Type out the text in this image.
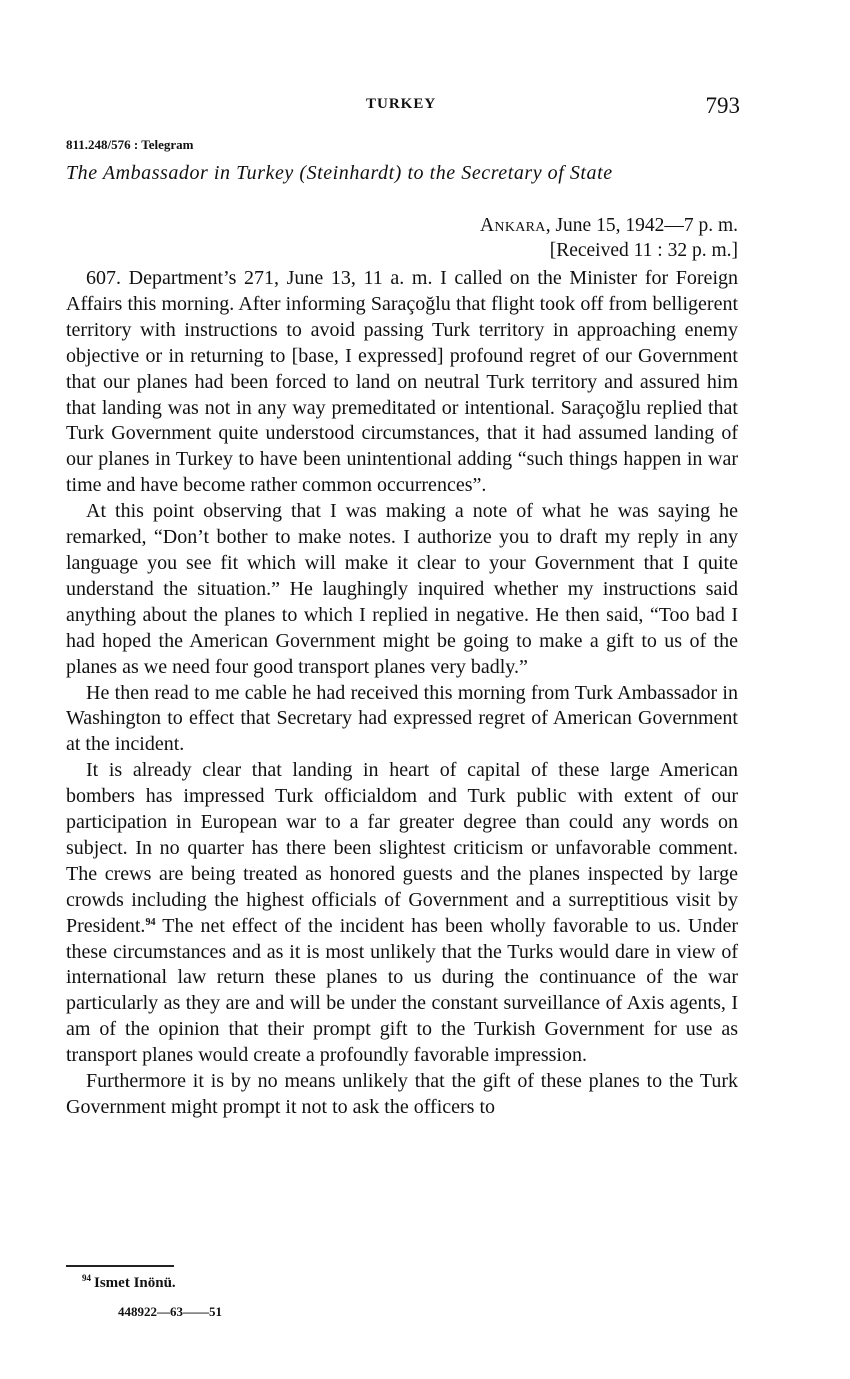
TURKEY	793
811.248/576 : Telegram
The Ambassador in Turkey (Steinhardt) to the Secretary of State
Ankara, June 15, 1942—7 p. m.
[Received 11 : 32 p. m.]

607. Department’s 271, June 13, 11 a. m. I called on the Minister for Foreign Affairs this morning. After informing Saraçoğlu that flight took off from belligerent territory with instructions to avoid passing Turk territory in approaching enemy objective or in returning to [base, I expressed] profound regret of our Government that our planes had been forced to land on neutral Turk territory and assured him that landing was not in any way premeditated or intentional. Saraçoğlu replied that Turk Government quite understood circumstances, that it had assumed landing of our planes in Turkey to have been unintentional adding “such things happen in war time and have become rather common occurrences”.

At this point observing that I was making a note of what he was saying he remarked, “Don’t bother to make notes. I authorize you to draft my reply in any language you see fit which will make it clear to your Government that I quite understand the situation.” He laughingly inquired whether my instructions said anything about the planes to which I replied in negative. He then said, “Too bad I had hoped the American Government might be going to make a gift to us of the planes as we need four good transport planes very badly.”

He then read to me cable he had received this morning from Turk Ambassador in Washington to effect that Secretary had expressed regret of American Government at the incident.

It is already clear that landing in heart of capital of these large American bombers has impressed Turk officialdom and Turk public with extent of our participation in European war to a far greater degree than could any words on subject. In no quarter has there been slightest criticism or unfavorable comment. The crews are being treated as honored guests and the planes inspected by large crowds including the highest officials of Government and a surreptitious visit by President.$^{94}$ The net effect of the incident has been wholly favorable to us. Under these circumstances and as it is most unlikely that the Turks would dare in view of international law return these planes to us during the continuance of the war particularly as they are and will be under the constant surveillance of Axis agents, I am of the opinion that their prompt gift to the Turkish Government for use as transport planes would create a profoundly favorable impression.

Furthermore it is by no means unlikely that the gift of these planes to the Turk Government might prompt it not to ask the officers to

$^{94}$ Ismet Inönü.
448922—63——51
